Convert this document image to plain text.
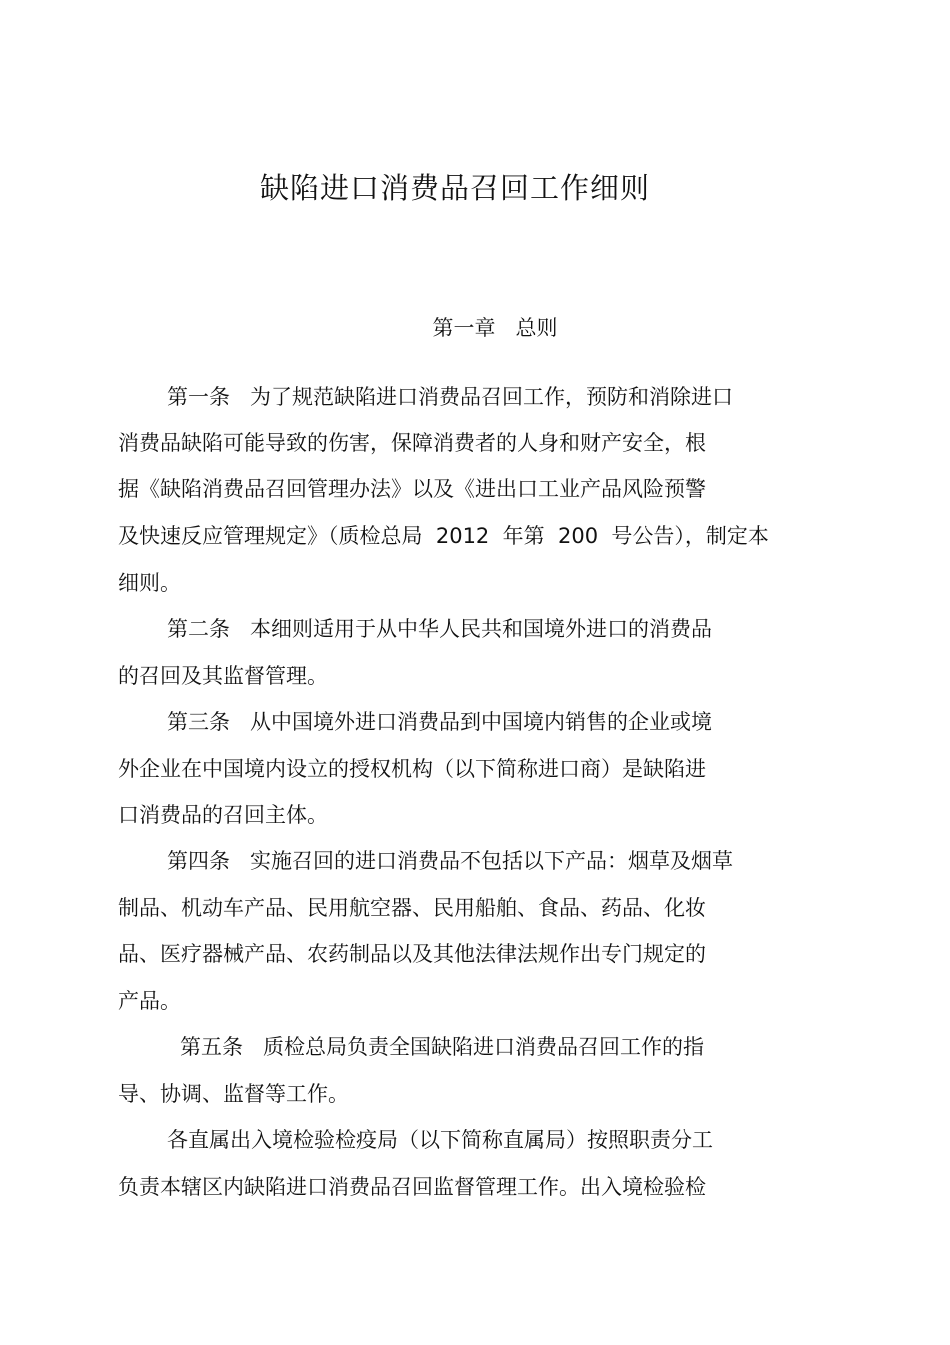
缺陷进口消费品召回工作细则
第一章   总则

第一条   为了规范缺陷进口消费品召回工作，预防和消除进口

消费品缺陷可能导致的伤害，保障消费者的人身和财产安全，根

据《缺陷消费品召回管理办法》以及《进出口工业产品风险预警

及快速反应管理规定》（质检总局  2012  年第  200  号公告），制定本

细则。

第二条   本细则适用于从中华人民共和国境外进口的消费品

的召回及其监督管理。

第三条   从中国境外进口消费品到中国境内销售的企业或境

外企业在中国境内设立的授权机构（以下简称进口商）是缺陷进

口消费品的召回主体。

第四条   实施召回的进口消费品不包括以下产品：烟草及烟草

制品、机动车产品、民用航空器、民用船舶、食品、药品、化妆

品、医疗器械产品、农药制品以及其他法律法规作出专门规定的

产品。

第五条   质检总局负责全国缺陷进口消费品召回工作的指

导、协调、监督等工作。

各直属出入境检验检疫局（以下简称直属局）按照职责分工

负责本辖区内缺陷进口消费品召回监督管理工作。出入境检验检
